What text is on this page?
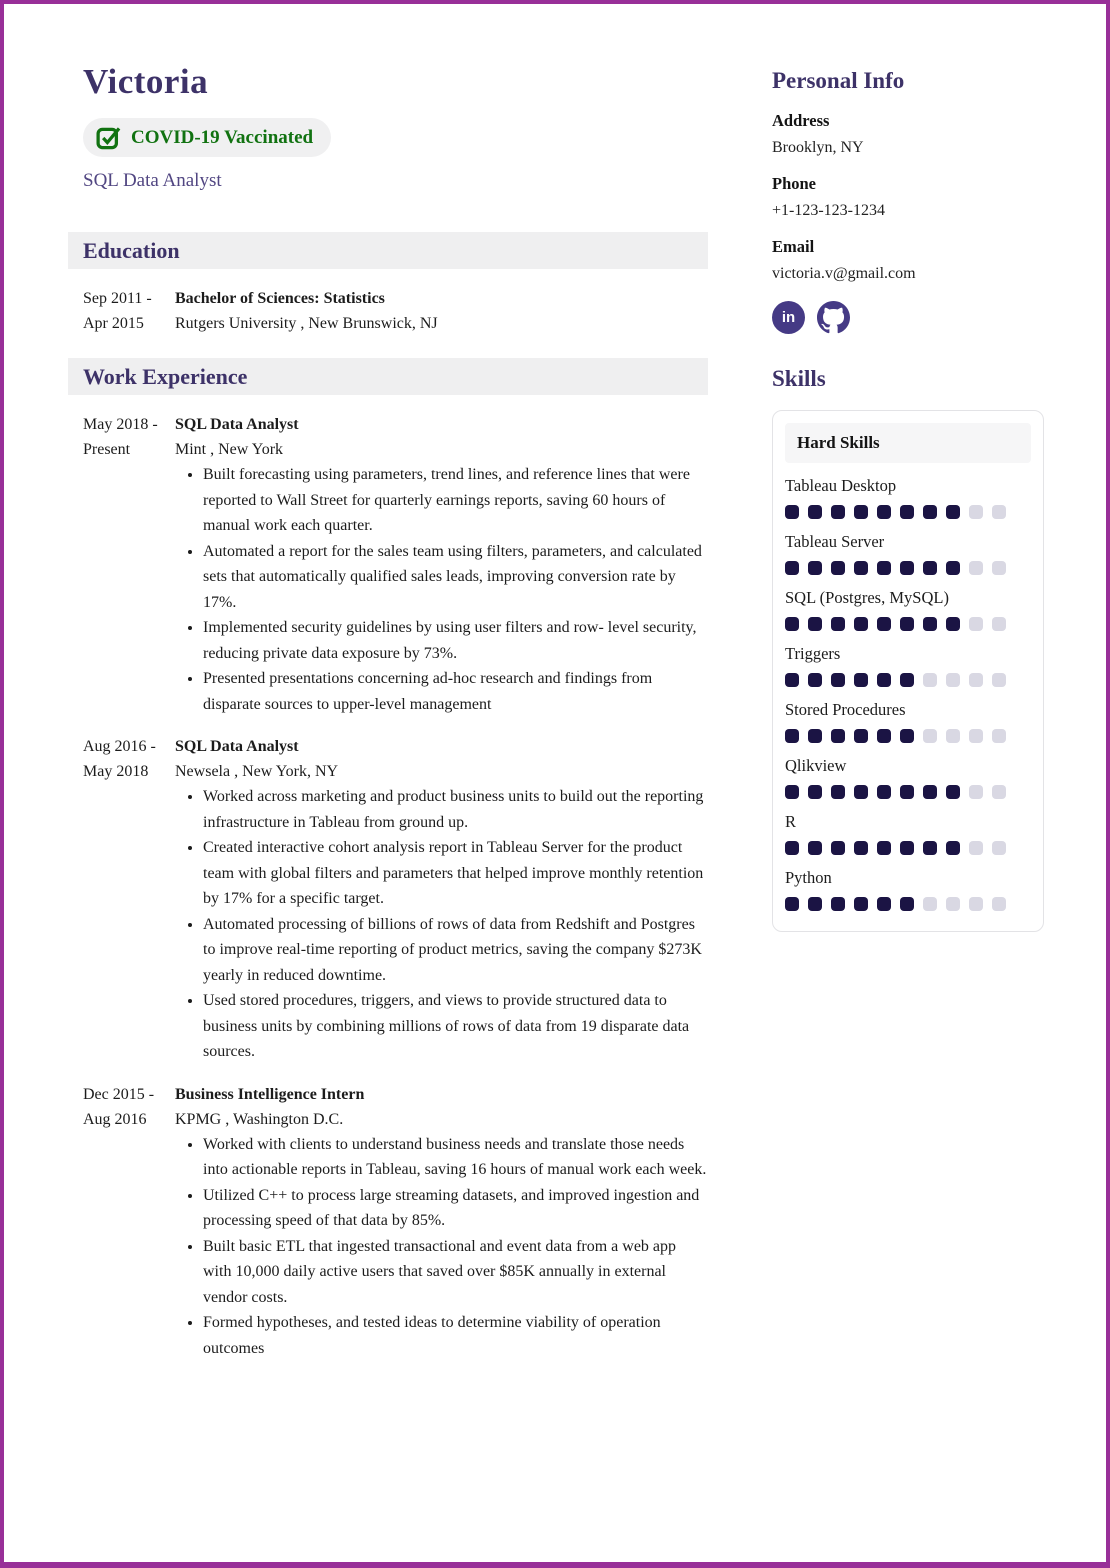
Victoria
COVID-19 Vaccinated
SQL Data Analyst
Education
Sep 2011 -
Apr 2015
Bachelor of Sciences: Statistics
Rutgers University , New Brunswick, NJ
Work Experience
May 2018 -
Present
SQL Data Analyst
Mint , New York
• Built forecasting using parameters, trend lines, and reference lines that were reported to Wall Street for quarterly earnings reports, saving 60 hours of manual work each quarter.
• Automated a report for the sales team using filters, parameters, and calculated sets that automatically qualified sales leads, improving conversion rate by 17%.
• Implemented security guidelines by using user filters and row- level security, reducing private data exposure by 73%.
• Presented presentations concerning ad-hoc research and findings from disparate sources to upper-level management
Aug 2016 -
May 2018
SQL Data Analyst
Newsela , New York, NY
• Worked across marketing and product business units to build out the reporting infrastructure in Tableau from ground up.
• Created interactive cohort analysis report in Tableau Server for the product team with global filters and parameters that helped improve monthly retention by 17% for a specific target.
• Automated processing of billions of rows of data from Redshift and Postgres to improve real-time reporting of product metrics, saving the company $273K yearly in reduced downtime.
• Used stored procedures, triggers, and views to provide structured data to business units by combining millions of rows of data from 19 disparate data sources.
Dec 2015 -
Aug 2016
Business Intelligence Intern
KPMG , Washington D.C.
• Worked with clients to understand business needs and translate those needs into actionable reports in Tableau, saving 16 hours of manual work each week.
• Utilized C++ to process large streaming datasets, and improved ingestion and processing speed of that data by 85%.
• Built basic ETL that ingested transactional and event data from a web app with 10,000 daily active users that saved over $85K annually in external vendor costs.
• Formed hypotheses, and tested ideas to determine viability of operation outcomes
Personal Info
Address
Brooklyn, NY
Phone
+1-123-123-1234
Email
victoria.v@gmail.com
in
Skills
Hard Skills
Tableau Desktop
Tableau Server
SQL (Postgres, MySQL)
Triggers
Stored Procedures
Qlikview
R
Python
